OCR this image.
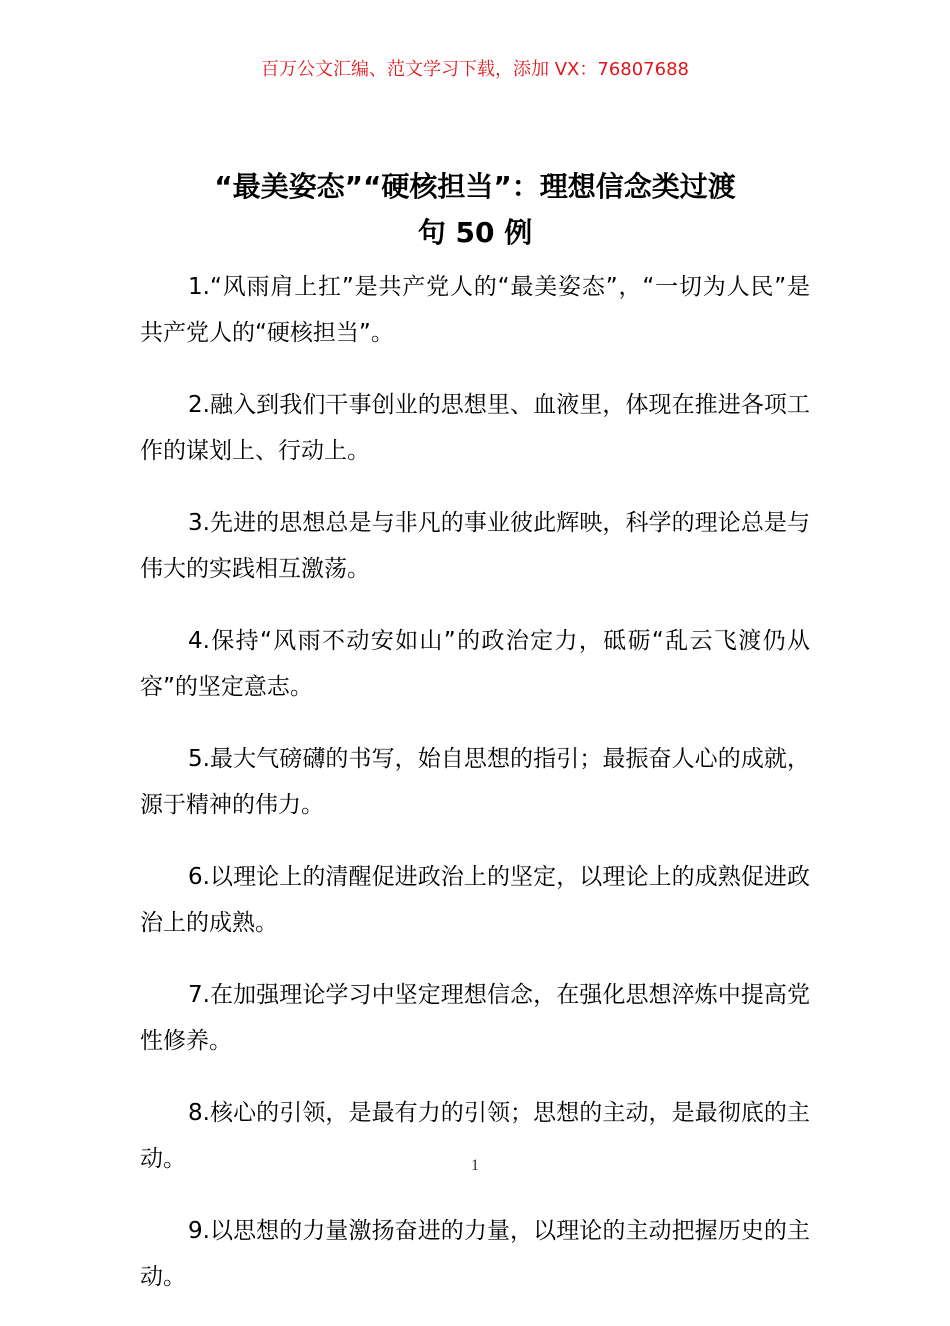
百万公文汇编、范文学习下载，添加 VX：76807688
“最美姿态”“硬核担当”：理想信念类过渡
句 50 例

1.“风雨肩上扛”是共产党人的“最美姿态”，“一切为人民”是共产党人的“硬核担当”。

2.融入到我们干事创业的思想里、血液里，体现在推进各项工作的谋划上、行动上。

3.先进的思想总是与非凡的事业彼此辉映，科学的理论总是与伟大的实践相互激荡。

4.保持“风雨不动安如山”的政治定力，砥砺“乱云飞渡仍从容”的坚定意志。

5.最大气磅礴的书写，始自思想的指引；最振奋人心的成就，源于精神的伟力。

6.以理论上的清醒促进政治上的坚定，以理论上的成熟促进政治上的成熟。

7.在加强理论学习中坚定理想信念，在强化思想淬炼中提高党性修养。

8.核心的引领，是最有力的引领；思想的主动，是最彻底的主动。

9.以思想的力量激扬奋进的力量，以理论的主动把握历史的主动。

1
